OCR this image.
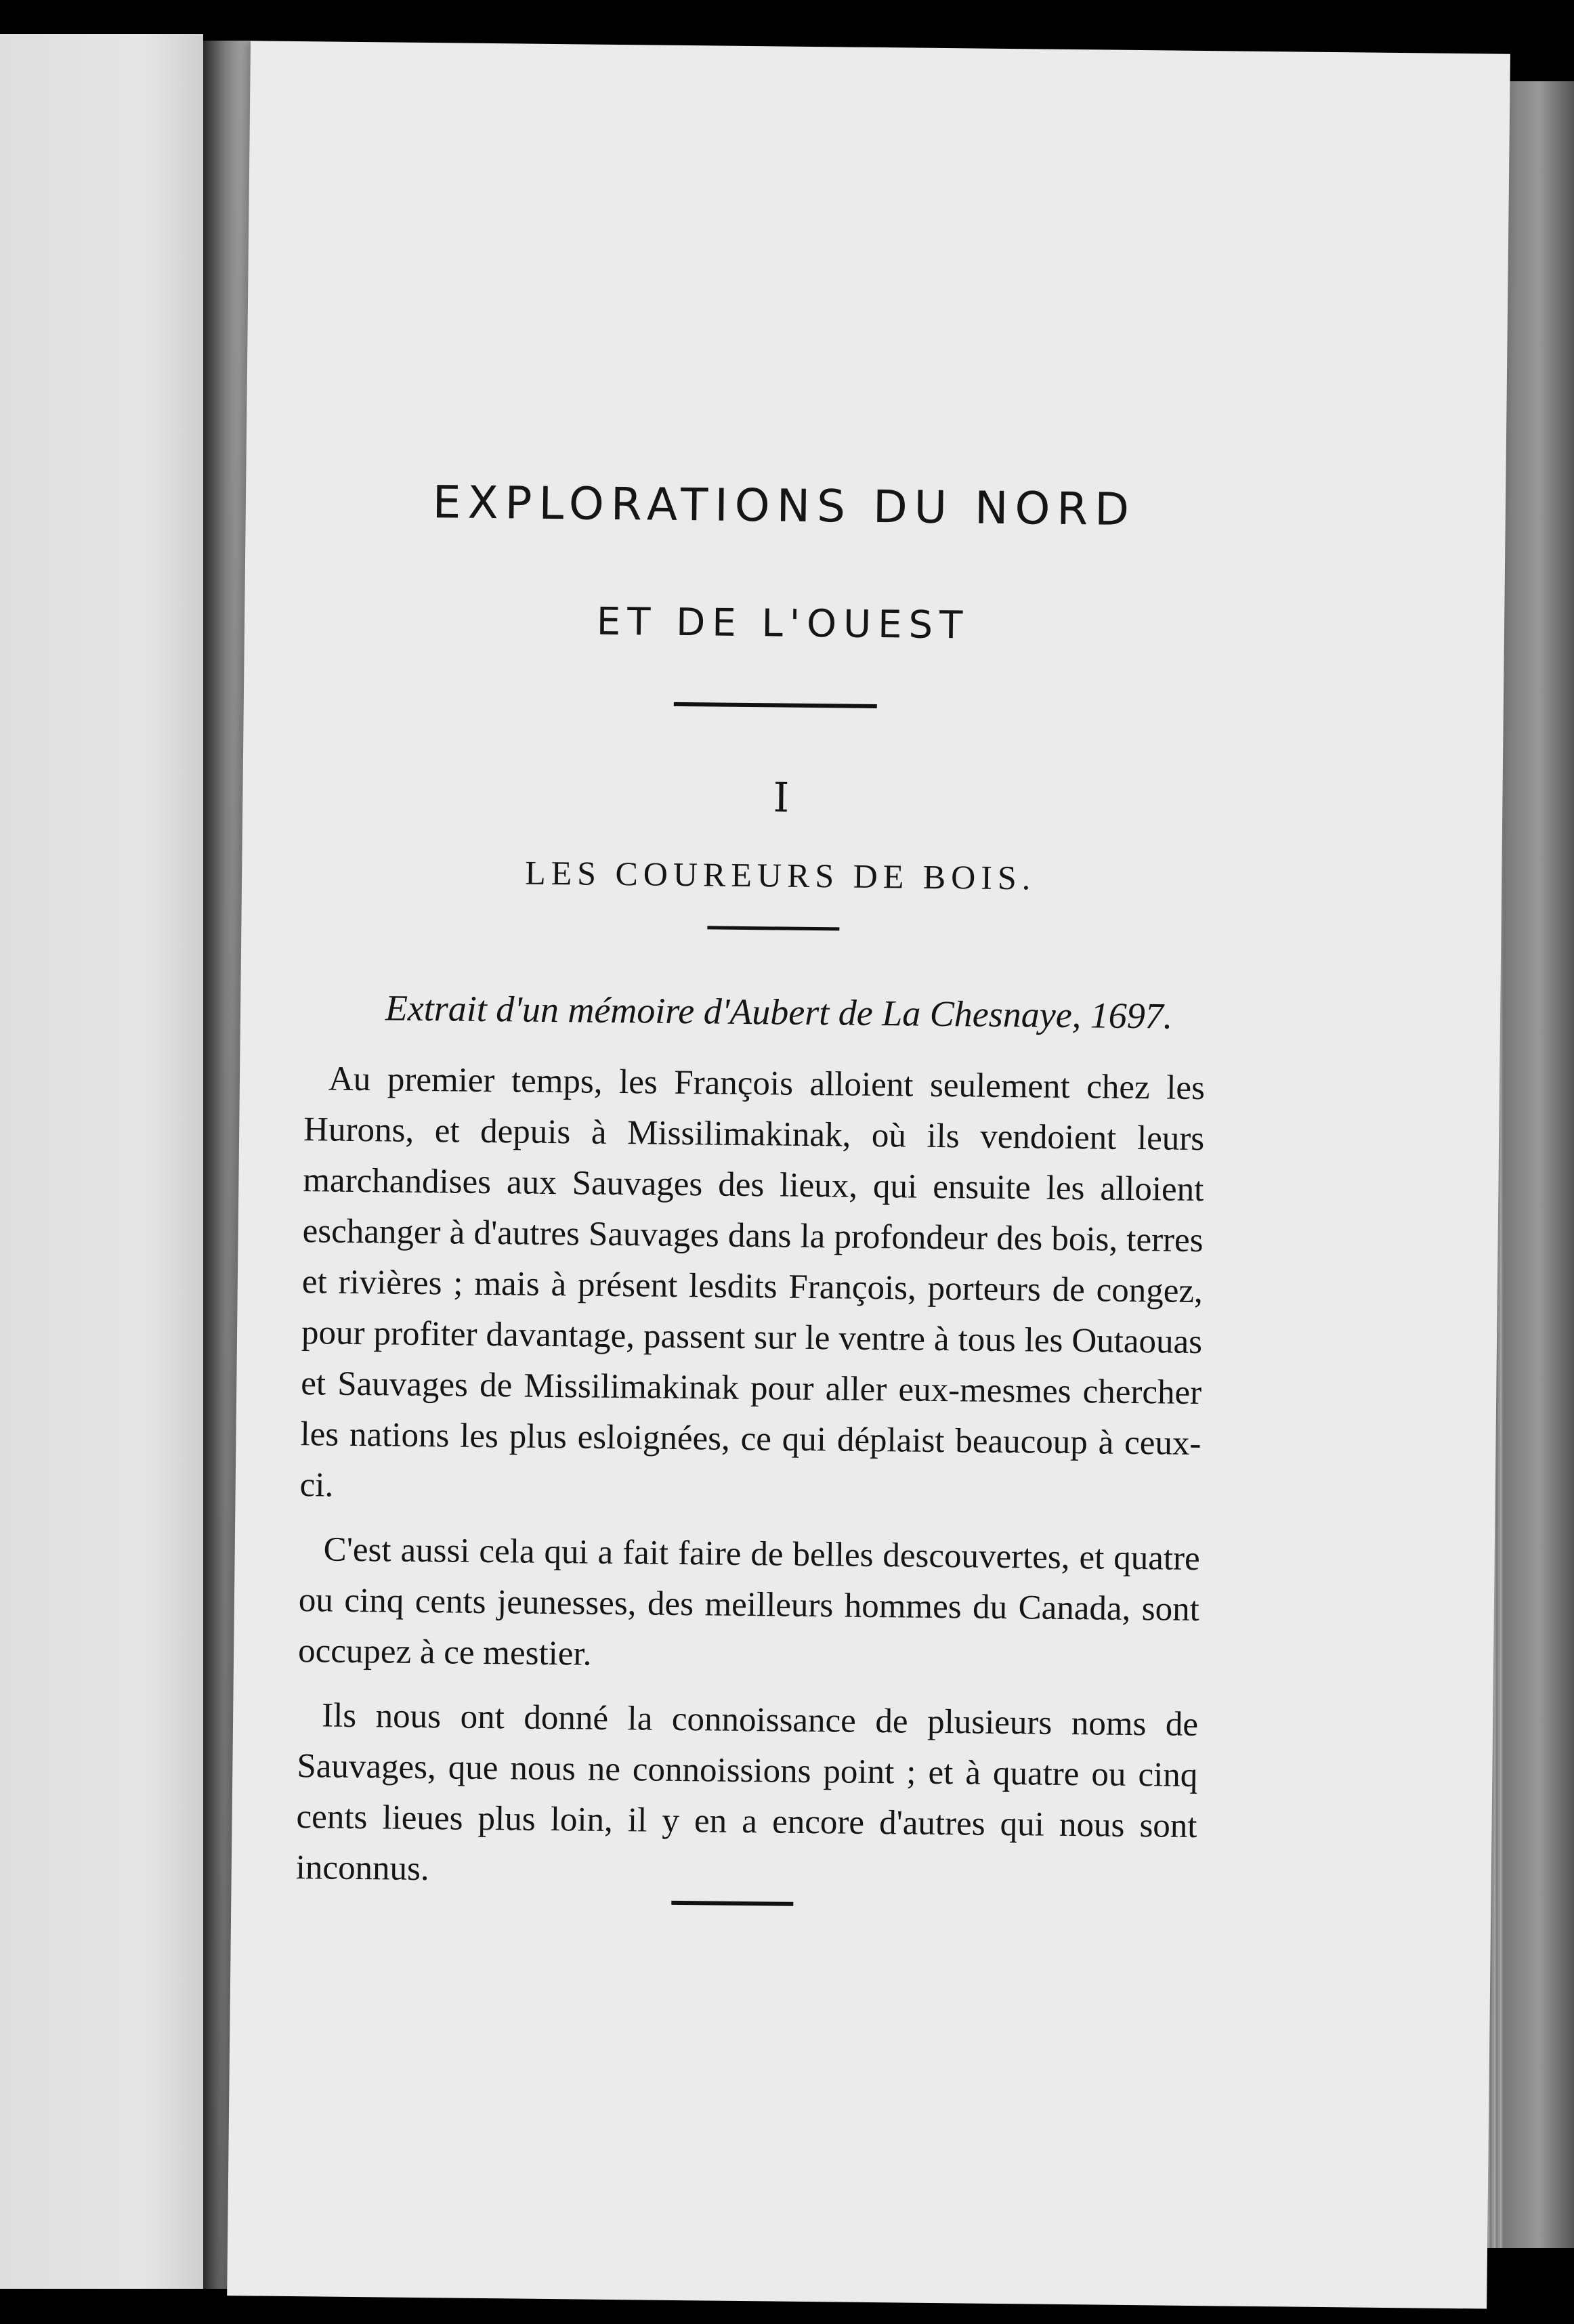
EXPLORATIONS DU NORD
ET DE L'OUEST
I
LES COUREURS DE BOIS.
Extrait d'un mémoire d'Aubert de La Chesnaye, 1697.

Au premier temps, les François alloient seulement chez les Hurons, et depuis à Missilimakinak, où ils vendoient leurs marchandises aux Sauvages des lieux, qui ensuite les alloient eschanger à d'autres Sauvages dans la profondeur des bois, terres et rivières ; mais à présent lesdits François, porteurs de congez, pour profiter davantage, passent sur le ventre à tous les Outaouas et Sauvages de Missilimakinak pour aller eux-mesmes chercher les nations les plus esloignées, ce qui déplaist beaucoup à ceux-ci.

C'est aussi cela qui a fait faire de belles descouvertes, et quatre ou cinq cents jeunesses, des meilleurs hommes du Canada, sont occupez à ce mestier.

Ils nous ont donné la connoissance de plusieurs noms de Sauvages, que nous ne connoissions point ; et à quatre ou cinq cents lieues plus loin, il y en a encore d'autres qui nous sont inconnus.
